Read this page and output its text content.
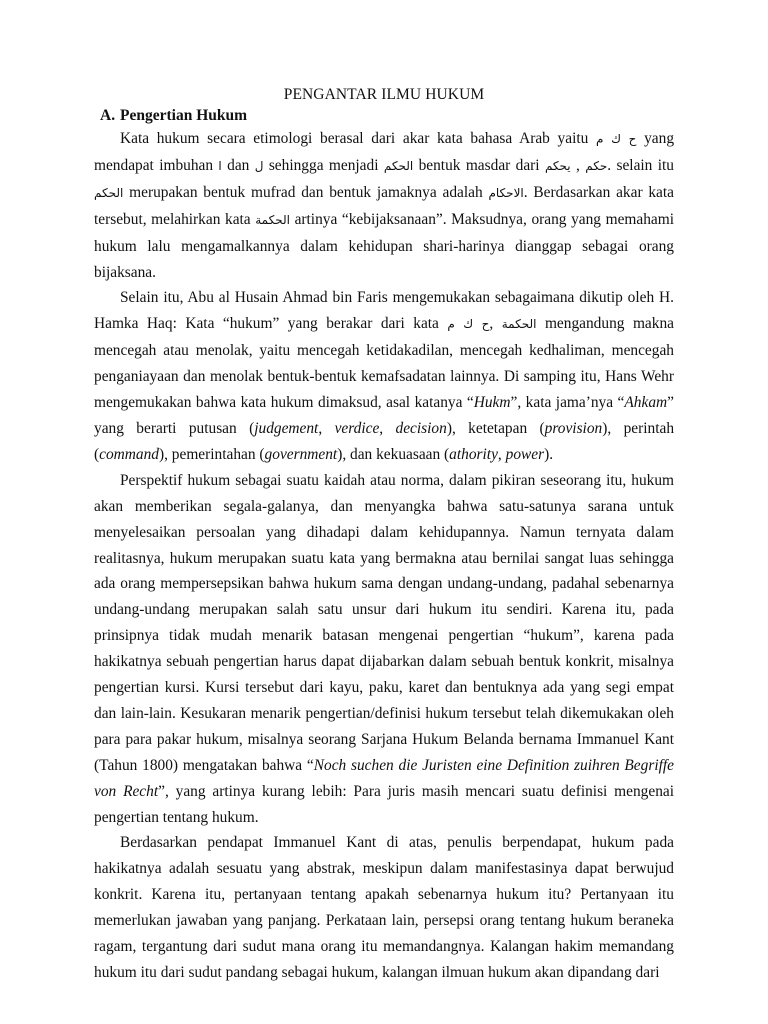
PENGANTAR ILMU HUKUM
A. Pengertian Hukum

Kata hukum secara etimologi berasal dari akar kata bahasa Arab yaitu ح ك م yang mendapat imbuhan ا dan ل sehingga menjadi الحكم bentuk masdar dari يحكم , حكم. selain itu الحكم merupakan bentuk mufrad dan bentuk jamaknya adalah الاحكام. Berdasarkan akar kata tersebut, melahirkan kata الحكمة artinya “kebijaksanaan”. Maksudnya, orang yang memahami hukum lalu mengamalkannya dalam kehidupan shari-harinya dianggap sebagai orang bijaksana.

Selain itu, Abu al Husain Ahmad bin Faris mengemukakan sebagaimana dikutip oleh H. Hamka Haq: Kata “hukum” yang berakar dari kata ح ك م, الحكمة mengandung makna mencegah atau menolak, yaitu mencegah ketidakadilan, mencegah kedhaliman, mencegah penganiayaan dan menolak bentuk-bentuk kemafsadatan lainnya. Di samping itu, Hans Wehr mengemukakan bahwa kata hukum dimaksud, asal katanya “Hukm”, kata jama’nya “Ahkam” yang berarti putusan (judgement, verdice, decision), ketetapan (provision), perintah (command), pemerintahan (government), dan kekuasaan (athority, power).

Perspektif hukum sebagai suatu kaidah atau norma, dalam pikiran seseorang itu, hukum akan memberikan segala-galanya, dan menyangka bahwa satu-satunya sarana untuk menyelesaikan persoalan yang dihadapi dalam kehidupannya. Namun ternyata dalam realitasnya, hukum merupakan suatu kata yang bermakna atau bernilai sangat luas sehingga ada orang mempersepsikan bahwa hukum sama dengan undang-undang, padahal sebenarnya undang-undang merupakan salah satu unsur dari hukum itu sendiri. Karena itu, pada prinsipnya tidak mudah menarik batasan mengenai pengertian “hukum”, karena pada hakikatnya sebuah pengertian harus dapat dijabarkan dalam sebuah bentuk konkrit, misalnya pengertian kursi. Kursi tersebut dari kayu, paku, karet dan bentuknya ada yang segi empat dan lain-lain. Kesukaran menarik pengertian/definisi hukum tersebut telah dikemukakan oleh para para pakar hukum, misalnya seorang Sarjana Hukum Belanda bernama Immanuel Kant (Tahun 1800) mengatakan bahwa “Noch suchen die Juristen eine Definition zuihren Begriffe von Recht”, yang artinya kurang lebih: Para juris masih mencari suatu definisi mengenai pengertian tentang hukum.

Berdasarkan pendapat Immanuel Kant di atas, penulis berpendapat, hukum pada hakikatnya adalah sesuatu yang abstrak, meskipun dalam manifestasinya dapat berwujud konkrit. Karena itu, pertanyaan tentang apakah sebenarnya hukum itu? Pertanyaan itu memerlukan jawaban yang panjang. Perkataan lain, persepsi orang tentang hukum beraneka ragam, tergantung dari sudut mana orang itu memandangnya. Kalangan hakim memandang hukum itu dari sudut pandang sebagai hukum, kalangan ilmuan hukum akan dipandang dari
